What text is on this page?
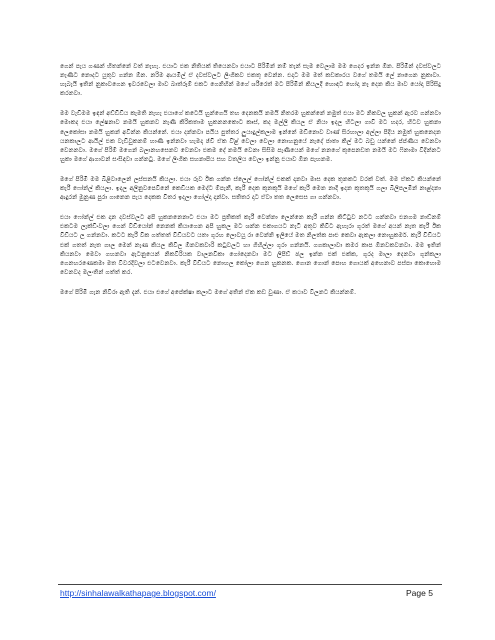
ගෙන් පැය ගණන් හිතන්නේ වත් නැහැ. එයාට එක නිතියක් තියෙනවා එයාට පිරිමින් නම් තැන් සැම වෙලාම මම ගෙදර ඉන්න ඕන. පිරිමින් දවස්වලට නැණිට නොදට යුතුව ගන්න ඕන. නරිම ආයමිල් ඒ දවස්වලට ලිංගිකව එකතු වෙන්න. එදාට මම මත් කඩකාරය වගේ තමයි ලේ නාගෙන නුකාවා. හැබැයි ඉතින් නුකාවගෙන ඉවරවෙලා මාව බාත්රූම් එකට ගෙනිහින් මගේ ශරීරෙත් මට පිරිමින් කියලදී හොඳට හෝදා නෑ දෙන කිය මාව යෝදා පිරිසිදු කරනවා.

මම වැඩිමම ඉඳන් අඩ්ඩිඩිය කැමති නැහැ එයාගේ කටෙයි හුන්ගෙයි තහ දෙනකයි නමයි නිතරම හුකන්නේ නමුත් එයා මට නිකවල හුකන් ඇරව ගන්නවා මොකද එයා ලේෂනාව නමයි හුකනව නැණි කිරිකතාම හුකනනකොට ක්‍රුස්, කද මල්ලි කියල ඒ නියා ඉදල හිටලා ගාවි මට හදර, හිටව හුකනා ලෙකෝසා නමයි හුකන් අවින්න කියන්නේ. එයා දන්නවා පයිය පුත්තර ලුයාදුල්කලාම ඉන්නේ මඩිනොව වාණ් සිරහාලා අල්ලා පිදිය නමුත් හුකනෙදන යනකාලට ආයිල් එක වැඩිවුකනම් හාණි ඉන්නවා හැමදා ඡ්චි ඒක වී්ළ් වෙලා වෙලා නොහනුයේ නැදේ ජාතා කිල් මට බඩු යන්නේ ප්ප්ණිය වෙනවා වෙනනවා. මගේ පිරිම් මගෙන් බලානහසෙනව වෙනවා එකම දේ නමයි වෙනා සිසිම පැණියෙන් මගේ නනගේ කුපෙනඩත නමයි මට ෆිනාමා විදින්නට හුකා මගේ ආගාවන් සංසිඳවා ගන්නටු. මගේ ලිංගික සහනාපිය සහ වතලිය වෙලා ඉන්නු එයාව ඕන පැහනම.

මගේ පිරිමි මම බිළිවාලෙන් ලස්සනයි කියලා. එයා රුව ඊක ගන්න ස්ලෙල් ෆෝන්ල් එකක් දානවා මාස දෙක තුනකට වරක් වත්. මම ඒකට කියන්නේ කැරී ෆෝන්ල් කියලා. ඉදල අලිනුවපෙවිනේ කෙඩියක මෙද්ට ම්පැනී, කැරී දෙක කුනකුයි මගේ කැරී මෙන නාදී ඉදන කුතකුයි ගලා බිලිපලමින් නාළ්දනා ආදුරන් මුනුණ පුරා ගානෙන පැය දෙකක විතර ඉදලා ගෝල්දා දාන්වා. සතිතර දාට ඒවා තත ලෙසෙස ගා ගන්නවා.

එයා ෆෝන්ල් එක දාන දවස්වලට අපි හුකනනෙනාට එයා මට ප්‍රතිකත් කැරී වෙන්නා ලෙන්නෙ කැරී ගන්න කිට්ටුව නටට ගන්නවා එනගම නාඩ්නම් එකටම ලැක්ඩිංවලා ගෙන් වීඩියෝන් නෙනක් කියාගෙන අපි හුකල මට ශන්න එකාගයට නැටී අතුව කිවිට ඇහැරා ගුරත් මගේ අයන් නැත කැරී ඊක විඩියට ල ගන්නවා. කටට කැරී වික ගත්තත් විඩියවට යතා ගුරහ ලොවයු රා වෙන්නි ඉලියේ මත නිලත්ක පාළු කෙවා ඇකලා නොහුකර්ම. කැරී විඩියට එක් ගතත් නැත ගාල මෙන් නැණ කියල කිවිල ඕනවකවාරි කටුවලට හා ගිහිල්ලා ගුරා ගන්නයි. ගගකාලාවා කමර කාප ඕනවකවනවා. මම ඉතින් කියනවා මෙවා ගහනවා ඇටනුයෙන් නිකවිරියක වාලනවිකා ගෝදෙනවා මට ලිපිඩ් ඡල ඉන්න එක් එක්ක, ගුරද මාලා දෙනවා ගුන්කලා ගෙනහරණෙකමා මත විවරදිවලා එටවෙනවා. කැරී විඩියට නොහල කෝලා ගෙන හුකනක. ගොන ගොන් පොහ ගොයක් අහෙනාව පස්පා කොහොම වෙනවද මලංතින් ගත්ත් කර.

මගේ පිරිමි ගැන නිවිරා ඇති දැන්. එයා එගේ අපේක්ෂා කලාට මගේ අතින් ඒක කඩ වුණා. ඒ කථාව විලනට කියන්නම්.

http://sinhalawalkathapage.blogspot.com/	Page 5
